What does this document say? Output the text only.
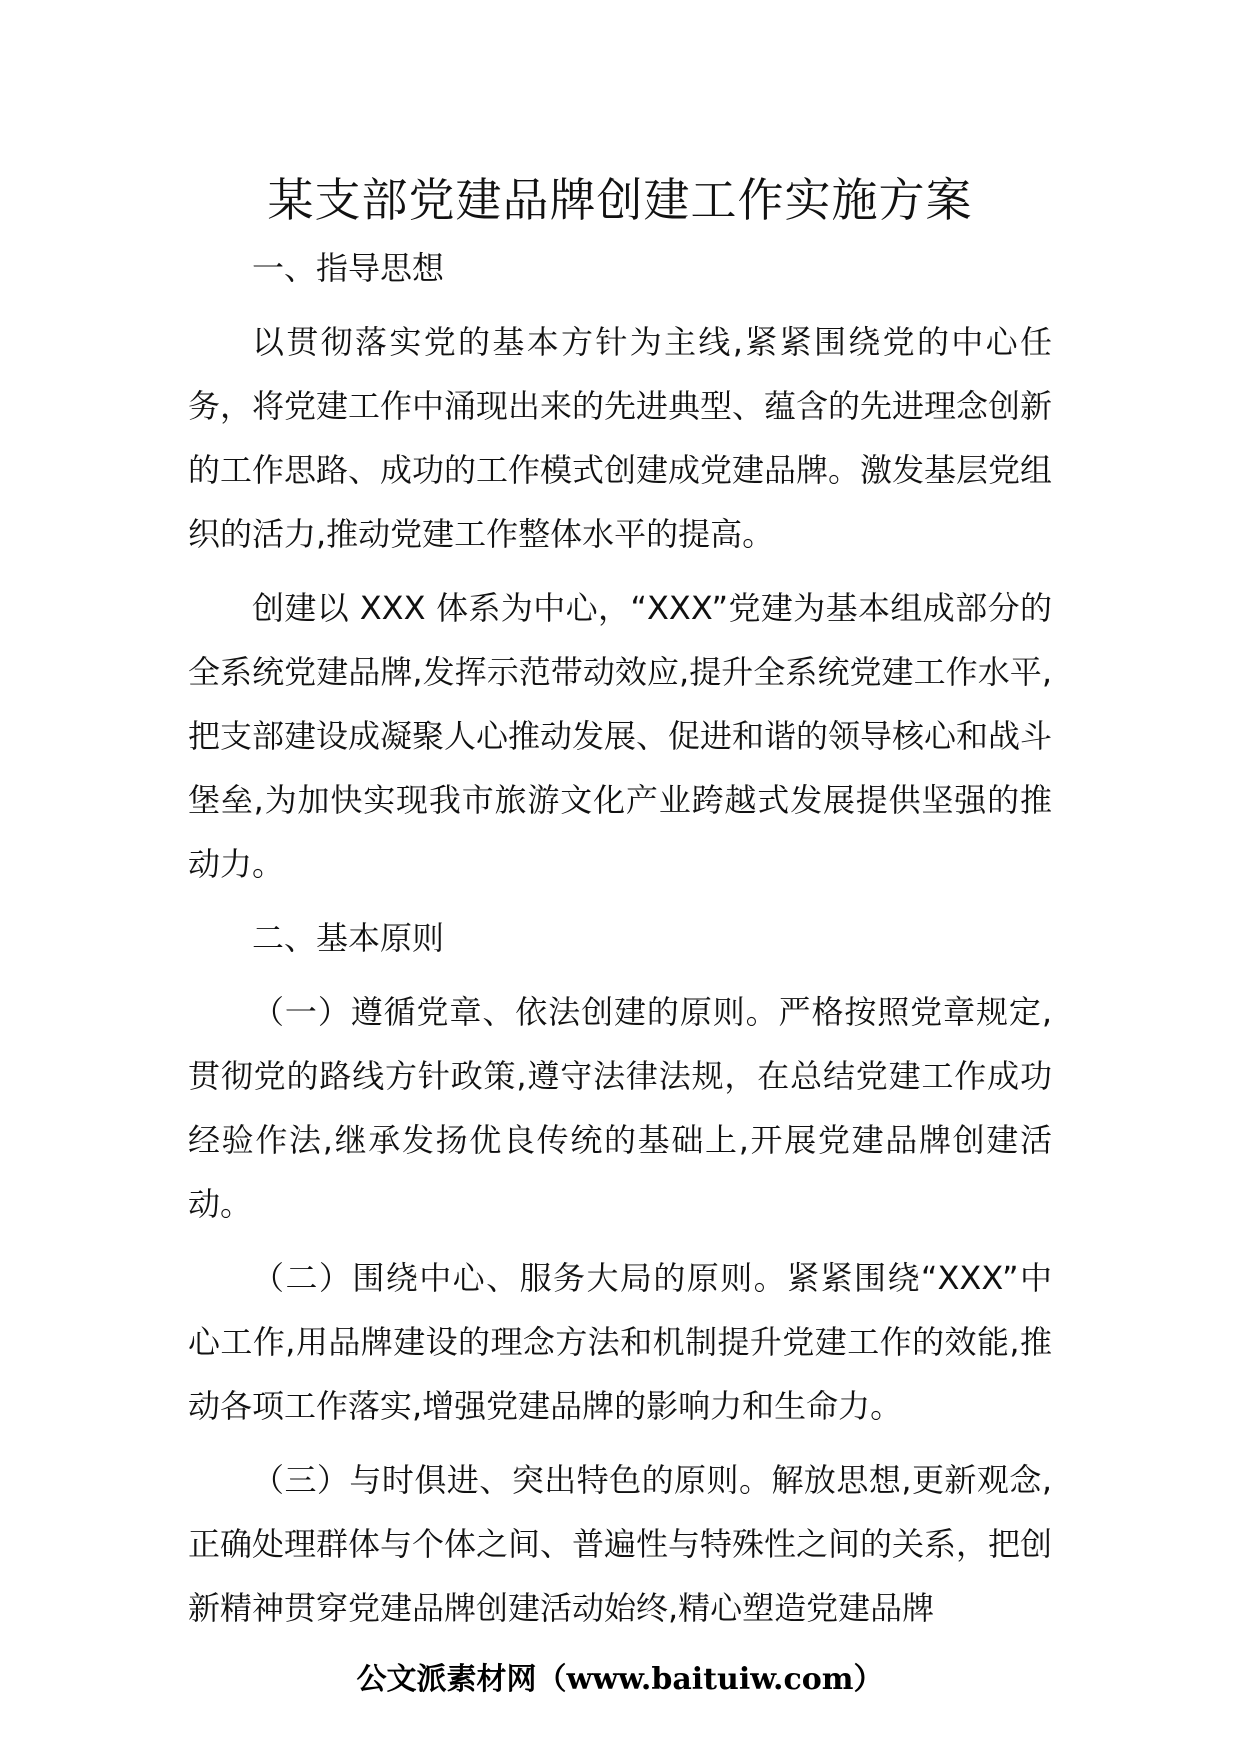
某支部党建品牌创建工作实施方案

一、指导思想

以贯彻落实党的基本方针为主线,紧紧围绕党的中心任务，将党建工作中涌现出来的先进典型、蕴含的先进理念创新的工作思路、成功的工作模式创建成党建品牌。激发基层党组织的活力,推动党建工作整体水平的提高。

创建以 XXX 体系为中心，“XXX”党建为基本组成部分的全系统党建品牌,发挥示范带动效应,提升全系统党建工作水平,把支部建设成凝聚人心推动发展、促进和谐的领导核心和战斗堡垒,为加快实现我市旅游文化产业跨越式发展提供坚强的推动力。

二、基本原则

（一）遵循党章、依法创建的原则。严格按照党章规定,贯彻党的路线方针政策,遵守法律法规，在总结党建工作成功经验作法,继承发扬优良传统的基础上,开展党建品牌创建活动。

（二）围绕中心、服务大局的原则。紧紧围绕“XXX”中心工作,用品牌建设的理念方法和机制提升党建工作的效能,推动各项工作落实,增强党建品牌的影响力和生命力。

（三）与时俱进、突出特色的原则。解放思想,更新观念,正确处理群体与个体之间、普遍性与特殊性之间的关系，把创新精神贯穿党建品牌创建活动始终,精心塑造党建品牌

公文派素材网（www.baituiw.com）
